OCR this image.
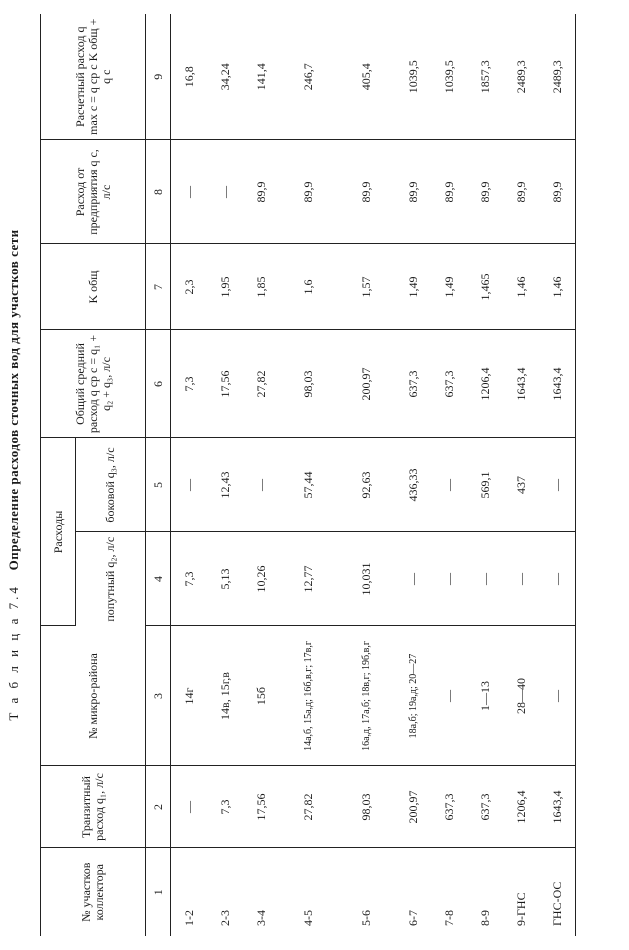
Т а б л и ц а 7.4 Определение расходов сточных вод для участков сети
№ участков коллектора	Транзитный расход q₁, л/с	№ микро-района	Расходы		Общий средний расход q ср с = q₁ + q₂ + q₃, л/с	K общ	Расход от предприятия q с, л/с	Расчетный расход q max c = q ср с K общ + q с
			попутный q₂, л/с	боковой q₃, л/с				
1	2	3	4	5	6	7	8	9
1-2	—	14г	7,3	—	7,3	2,3	—	16,8
2-3	7,3	14в, 15г,в	5,13	12,43	17,56	1,95	—	34,24
3-4	17,56	15б	10,26	—	27,82	1,85	89,9	141,4
4-5	27,82	14а,б, 15а,д; 16б,в,г; 17в,г	12,77	57,44	98,03	1,6	89,9	246,7
5-6	98,03	16а,д, 17а,б; 18в,г; 19б,в,г	10,031	92,63	200,97	1,57	89,9	405,4
6-7	200,97	18а,б; 19а,д; 20—27	—	436,33	637,3	1,49	89,9	1039,5
7-8	637,3	—	—	—	637,3	1,49	89,9	1039,5
8-9	637,3	1—13	—	569,1	1206,4	1,465	89,9	1857,3
9-ГНС	1206,4	28—40	—	437	1643,4	1,46	89,9	2489,3
ГНС-ОС	1643,4	—	—	—	1643,4	1,46	89,9	2489,3
